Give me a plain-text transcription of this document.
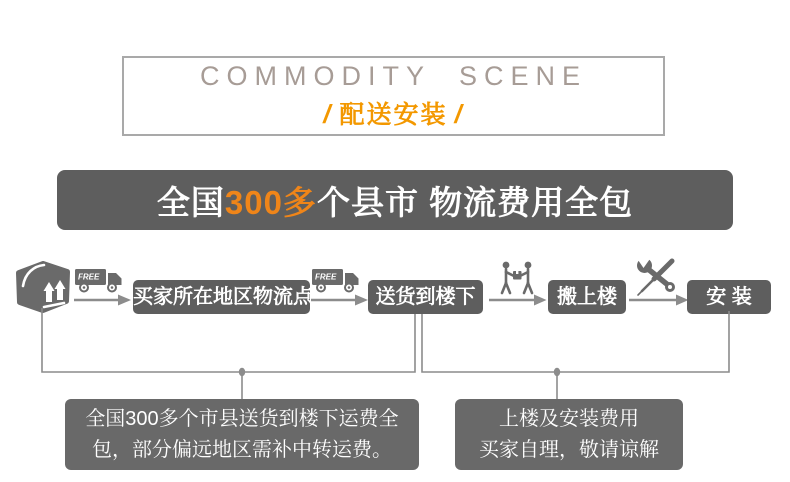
COMMODITY SCENE
/ 配送安装 /
全国 300多 个县市 物流费用全包
FREE
买家所在地区物流点
FREE
送货到楼下	搬上楼	安 装
全国300多个市县送货到楼下运费全
包，部分偏远地区需补中转运费。
上楼及安装费用
买家自理，敬请谅解
